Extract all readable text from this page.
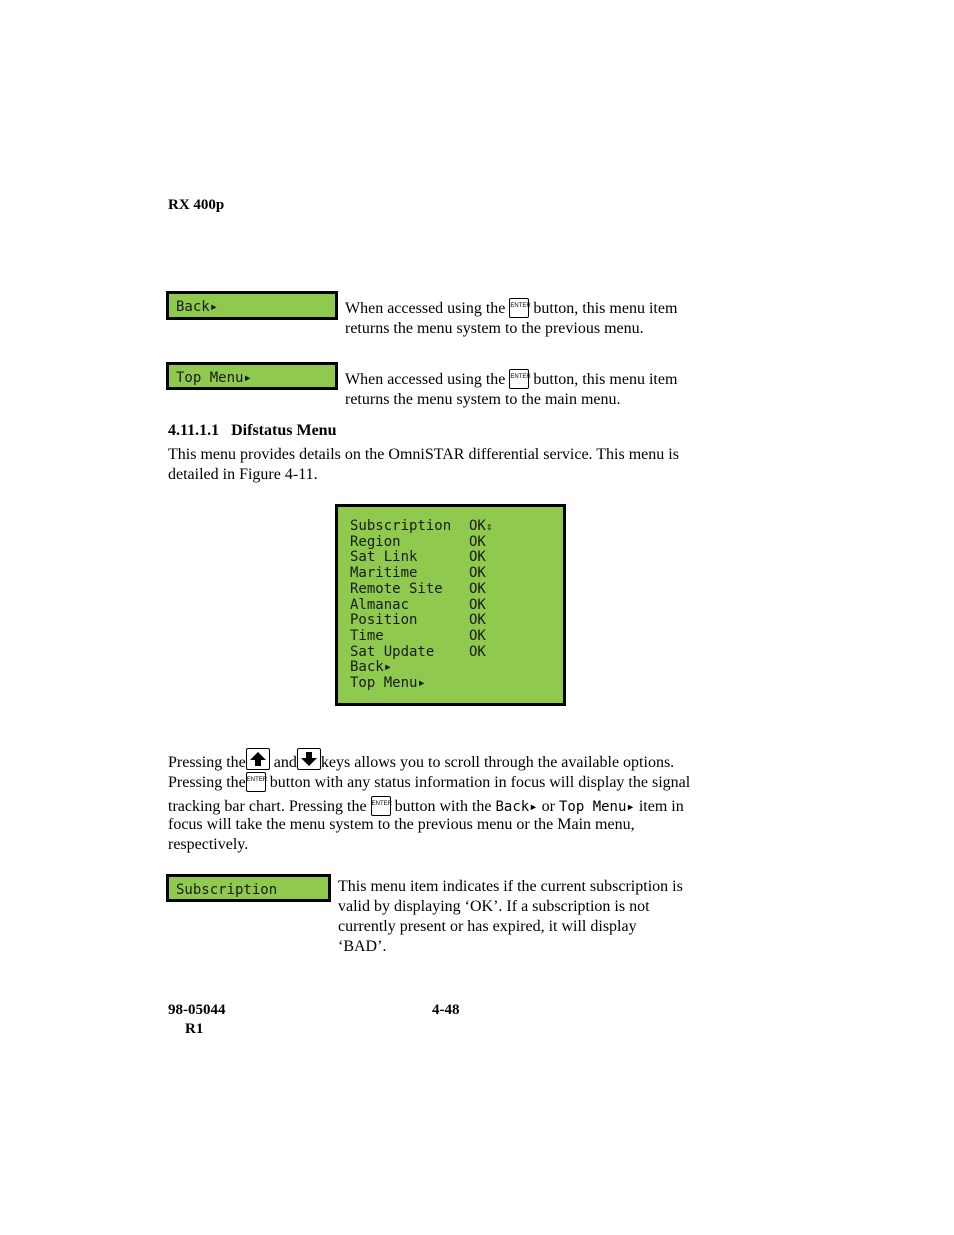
RX 400p
Back▸	When accessed using the ENTER button, this menu item
returns the menu system to the previous menu.
Top Menu▸	When accessed using the ENTER button, this menu item
returns the menu system to the main menu.
4.11.1.1 Difstatus Menu
This menu provides details on the OmniSTAR differential service. This menu is
detailed in Figure 4-11.
Subscription	OK ⇕
Region	OK
Sat Link	OK
Maritime	OK
Remote Site	OK
Almanac	OK
Position	OK
Time	OK
Sat Update	OK
Back ▸
Top Menu ▸
Pressing the and keys allows you to scroll through the available options.
Pressing the ENTER button with any status information in focus will display the signal
tracking bar chart. Pressing the ENTER button with the Back▸ or Top Menu▸ item in
focus will take the menu system to the previous menu or the Main menu,
respectively.
Subscription	This menu item indicates if the current subscription is
valid by displaying ‘OK’. If a subscription is not
currently present or has expired, it will display
‘BAD’.
98-05044
R1
4-48
